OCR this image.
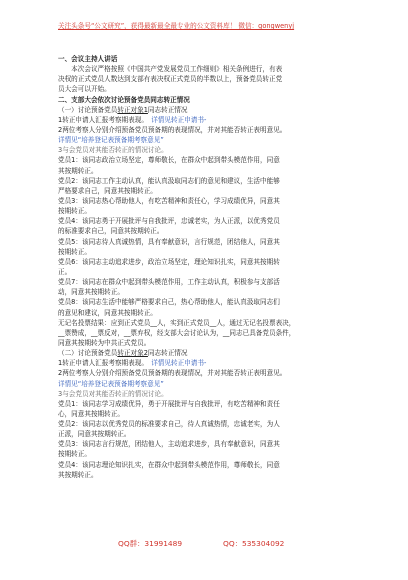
关注头条号“公文研究”，获得最新最全最专业的公文资料库！ 微信：gongwenyj
一、会议主持人讲话
　　本次会议严格按照《中国共产党发展党员工作细则》相关条例进行，有表
决权的正式党员人数达到支部有表决权正式党员的半数以上，预备党员转正党
员大会可以开始。
二、支部大会依次讨论预备党员同志转正情况
（一）讨论预备党员转正对象1同志转正情况
1转正申请人汇报考察期表现。　 详情见转正申请书-
2两位考察人分别介绍预备党员预备期的表现情况，并对其能否转正表明意见。
详情见“培养登记表预备期考察意见”
3与会党员对其能否转正的情况讨论。
党员1：该同志政治立场坚定，尊师敬长，在群众中起到带头模范作用，同意
其按期转正。
党员2：该同志工作主动认真，能认真汲取同志们的意见和建议，生活中能够
严格要求自己，同意其按期转正。
党员3：该同志热心帮助他人，有吃苦精神和责任心，学习成绩优异，同意其
按期转正。
党员4：该同志勇于开展批评与自我批评，忠诚老实，为人正派，以优秀党员
的标准要求自己，同意其按期转正。
党员5：该同志待人真诚热情，具有奉献意识，言行规范，团结他人，同意其
按期转正。
党员6：该同志主动追求进步，政治立场坚定，理论知识扎实，同意其按期转
正。
党员7：该同志在群众中起到带头模范作用，工作主动认真，积极参与支部活
动，同意其按期转正。
党员8：该同志生活中能够严格要求自己，热心帮助他人，能认真汲取同志们
的意见和建议，同意其按期转正。
无记名投票结果：应到正式党员__人，实到正式党员__人，通过无记名投票表决，
__票赞成，__票反对，__票弃权，经支部大会讨论认为，__同志已具备党员条件，
同意其按期转为中共正式党员。
（二）讨论预备党员转正对象2同志转正情况
1转正申请人汇报考察期表现。　 详情见转正申请书-
2两位考察人分别介绍预备党员预备期的表现情况，并对其能否转正表明意见。
详情见“培养登记表预备期考察意见”
3与会党员对其能否转正的情况讨论。
党员1：该同志学习成绩优异，勇于开展批评与自我批评，有吃苦精神和责任
心，同意其按期转正。
党员2：该同志以优秀党员的标准要求自己，待人真诚热情，忠诚老实，为人
正派，同意其按期转正。
党员3：该同志言行规范，团结他人，主动追求进步，具有奉献意识，同意其
按期转正。
党员4：该同志理论知识扎实，在群众中起到带头模范作用，尊师敬长，同意
其按期转正。
QQ群：31991489	QQ：535304092
